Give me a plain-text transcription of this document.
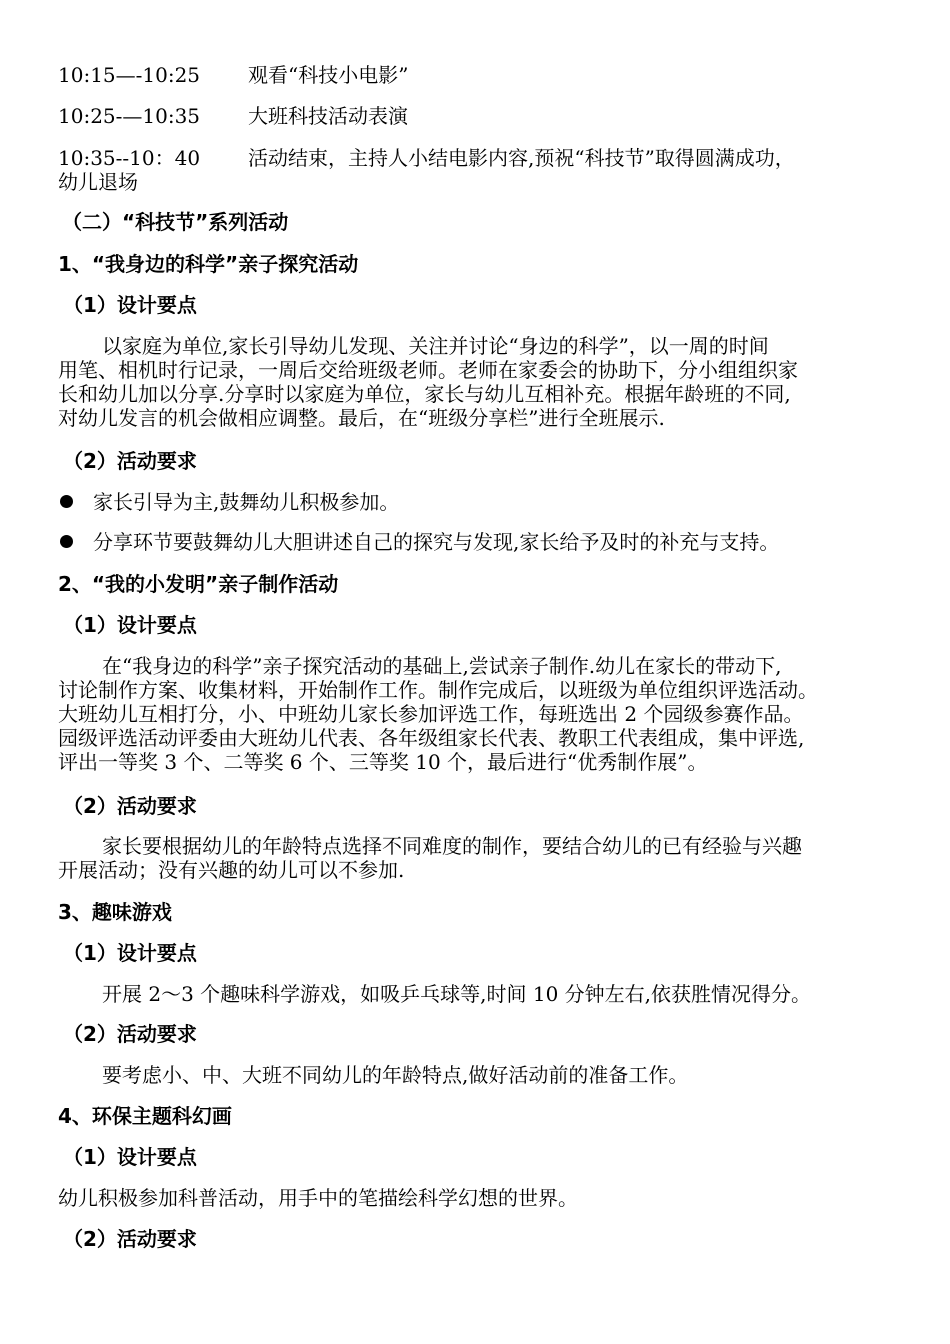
10:15—-10:25 观看“科技小电影”
10:25-—10:35 大班科技活动表演
10:35--10：40 活动结束，主持人小结电影内容,预祝“科技节”取得圆满成功，
幼儿退场
（二）“科技节”系列活动
1、“我身边的科学”亲子探究活动
（1）设计要点
以家庭为单位,家长引导幼儿发现、关注并讨论“身边的科学”，以一周的时间
用笔、相机时行记录，一周后交给班级老师。老师在家委会的协助下，分小组组织家
长和幼儿加以分享.分享时以家庭为单位，家长与幼儿互相补充。根据年龄班的不同,
对幼儿发言的机会做相应调整。最后，在“班级分享栏”进行全班展示.
（2）活动要求
家长引导为主,鼓舞幼儿积极参加。
分享环节要鼓舞幼儿大胆讲述自己的探究与发现,家长给予及时的补充与支持。
2、“我的小发明”亲子制作活动
（1）设计要点
在“我身边的科学”亲子探究活动的基础上,尝试亲子制作.幼儿在家长的带动下,
讨论制作方案、收集材料，开始制作工作。制作完成后，以班级为单位组织评选活动。
大班幼儿互相打分，小、中班幼儿家长参加评选工作，每班选出 2 个园级参赛作品。
园级评选活动评委由大班幼儿代表、各年级组家长代表、教职工代表组成，集中评选,
评出一等奖 3 个、二等奖 6 个、三等奖 10 个，最后进行“优秀制作展”。
（2）活动要求
家长要根据幼儿的年龄特点选择不同难度的制作，要结合幼儿的已有经验与兴趣
开展活动；没有兴趣的幼儿可以不参加.
3、趣味游戏
（1）设计要点
开展 2～3 个趣味科学游戏，如吸乒乓球等,时间 10 分钟左右,依获胜情况得分。
（2）活动要求
要考虑小、中、大班不同幼儿的年龄特点,做好活动前的准备工作。
4、环保主题科幻画
（1）设计要点
幼儿积极参加科普活动，用手中的笔描绘科学幻想的世界。
（2）活动要求
